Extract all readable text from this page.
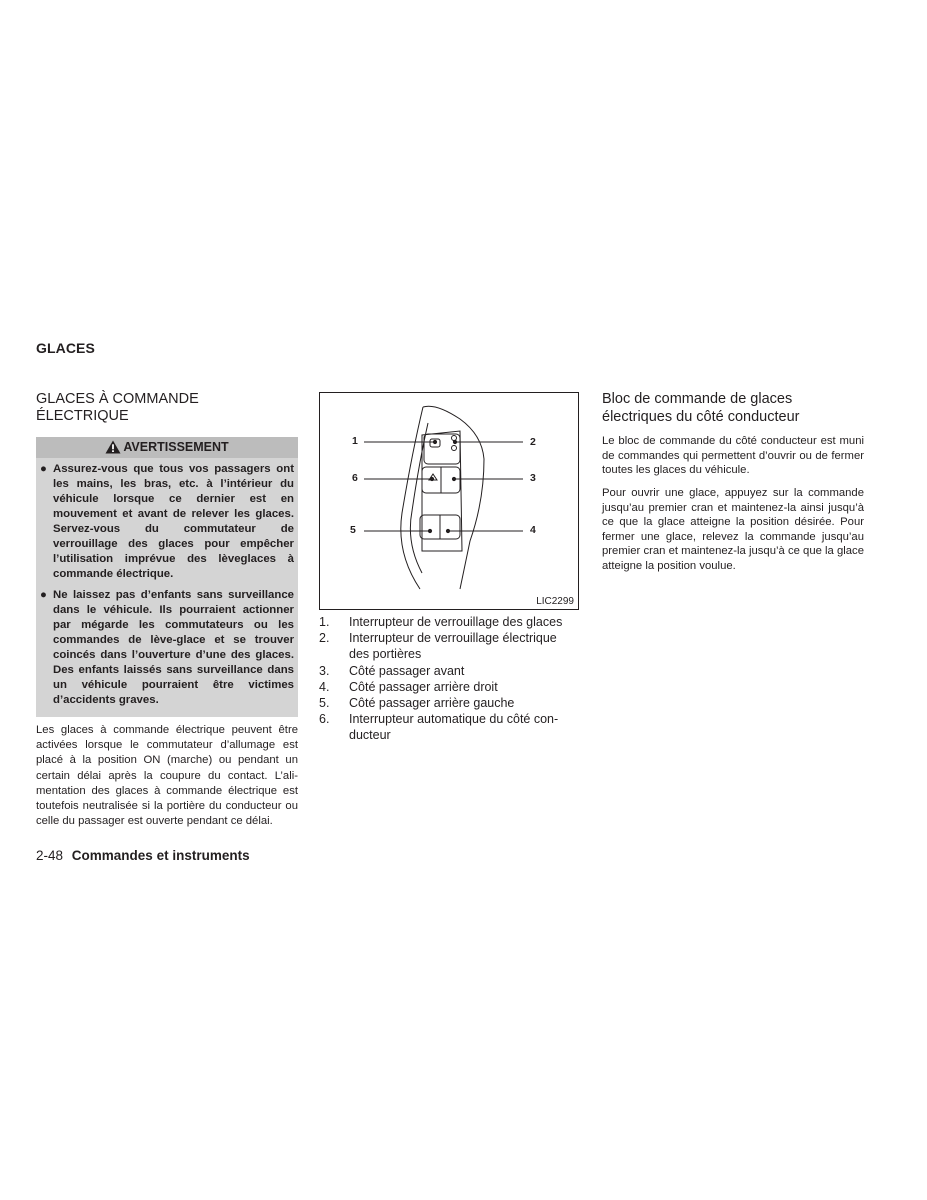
GLACES
GLACES À COMMANDE
ÉLECTRIQUE
AVERTISSEMENT
● Assurez-vous que tous vos passagers ont les mains, les bras, etc. à l’intérieur du véhicule lorsque ce dernier est en mouvement et avant de relever les glaces. Servez-vous du commutateur de verrouillage des glaces pour empêcher l’utilisation imprévue des lèveglaces à commande électrique.
● Ne laissez pas d’enfants sans surveillance dans le véhicule. Ils pourraient actionner par mégarde les commutateurs ou les commandes de lève-glace et se trouver coincés dans l’ouverture d’une des glaces. Des enfants laissés sans surveillance dans un véhicule pourraient être victimes d’accidents graves.
Les glaces à commande électrique peuvent être activées lorsque le commutateur d’allumage est placé à la position ON (marche) ou pendant un certain délai après la coupure du contact. L’alimentation des glaces à commande électrique est toutefois neutralisée si la portière du conducteur ou celle du passager est ouverte pendant ce délai.
2-48 Commandes et instruments
1	2
6	3
5	4
LIC2299
1. Interrupteur de verrouillage des glaces
2. Interrupteur de verrouillage électrique des portières
3. Côté passager avant
4. Côté passager arrière droit
5. Côté passager arrière gauche
6. Interrupteur automatique du côté conducteur
Bloc de commande de glaces
électriques du côté conducteur
Le bloc de commande du côté conducteur est muni de commandes qui permettent d’ouvrir ou de fermer toutes les glaces du véhicule.
Pour ouvrir une glace, appuyez sur la commande jusqu’au premier cran et maintenez-la ainsi jusqu’à ce que la glace atteigne la position désirée. Pour fermer une glace, relevez la commande jusqu’au premier cran et maintenez-la jusqu’à ce que la glace atteigne la position voulue.
